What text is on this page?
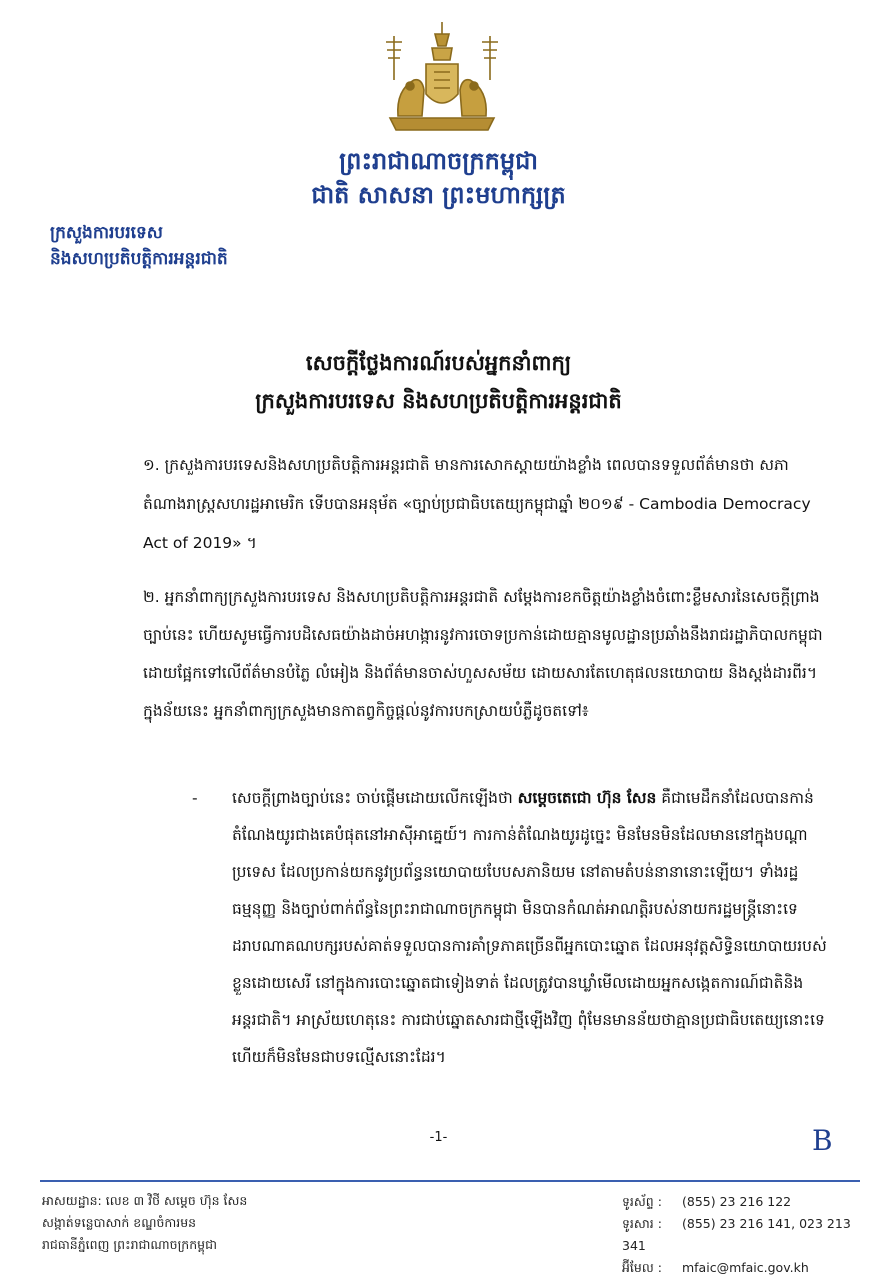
ព្រះរាជាណាចក្រកម្ពុជា
ជាតិ សាសនា ព្រះមហាក្សត្រ
ក្រសួងការបរទេស
និងសហប្រតិបត្តិការអន្តរជាតិ
សេចក្តីថ្លែងការណ៍របស់អ្នកនាំពាក្យ
ក្រសួងការបរទេស និងសហប្រតិបត្តិការអន្តរជាតិ
១. ក្រសួងការបរទេសនិងសហប្រតិបត្តិការអន្តរជាតិ មានការសោកស្តាយយ៉ាងខ្លាំង ពេលបានទទួលព័ត៌មានថា សភាតំណាងរាស្ត្រសហរដ្ឋអាមេរិក ទើបបានអនុម័ត «ច្បាប់ប្រជាធិបតេយ្យកម្ពុជាឆ្នាំ ២០១៩ - Cambodia Democracy Act of 2019» ។
២. អ្នកនាំពាក្យក្រសួងការបរទេស និងសហប្រតិបត្តិការអន្តរជាតិ សម្តែងការខកចិត្តយ៉ាងខ្លាំងចំពោះខ្លឹមសារនៃសេចក្តីព្រាងច្បាប់នេះ ហើយសូមធ្វើការបដិសេធយ៉ាងដាច់អហង្ការនូវការចោទប្រកាន់ដោយគ្មានមូលដ្ឋានប្រឆាំងនឹងរាជរដ្ឋាភិបាលកម្ពុជា ដោយផ្អែកទៅលើព័ត៌មានបំភ្លៃ លំអៀង និងព័ត៌មានចាស់ហួសសម័យ ដោយសារតែហេតុផលនយោបាយ និងស្តង់ដារពីរ។ ក្នុងន័យនេះ អ្នកនាំពាក្យក្រសួងមានកាតព្វកិច្ចផ្តល់នូវការបកស្រាយបំភ្លឺដូចតទៅ៖
- សេចក្តីព្រាងច្បាប់នេះ ចាប់ផ្តើមដោយលើកឡើងថា សម្តេចតេជោ ហ៊ុន សែន គឺជាមេដឹកនាំដែលបានកាន់តំណែងយូរជាងគេបំផុតនៅអាស៊ីអាគ្នេយ៍។ ការកាន់តំណែងយូរដូច្នេះ មិនមែនមិនដែលមាននៅក្នុងបណ្តាប្រទេស ដែលប្រកាន់យកនូវប្រព័ន្ធនយោបាយបែបសភានិយម នៅតាមតំបន់នានានោះឡើយ។ ទាំងរដ្ឋធម្មនុញ្ញ និងច្បាប់ពាក់ព័ន្ធនៃព្រះរាជាណាចក្រកម្ពុជា មិនបានកំណត់អាណត្តិរបស់នាយករដ្ឋមន្ត្រីនោះទេ ដរាបណាគណបក្សរបស់គាត់ទទួលបានការគាំទ្រភាគច្រើនពីអ្នកបោះឆ្នោត ដែលអនុវត្តសិទ្ធិនយោបាយរបស់ខ្លួនដោយសេរី នៅក្នុងការបោះឆ្នោតជាទៀងទាត់ ដែលត្រូវបានឃ្លាំមើលដោយអ្នកសង្កេតការណ៍ជាតិនិងអន្តរជាតិ។ អាស្រ័យហេតុនេះ ការជាប់ឆ្នោតសារជាថ្មីឡើងវិញ ពុំមែនមានន័យថាគ្មានប្រជាធិបតេយ្យនោះទេ ហើយក៏មិនមែនជាបទល្មើសនោះដែរ។
-1-	B
អាសយដ្ឋាន: លេខ ៣ វិថី សម្តេច ហ៊ុន សែន
សង្កាត់ទន្លេបាសាក់ ខណ្ឌចំការមន
រាជធានីភ្នំពេញ ព្រះរាជាណាចក្រកម្ពុជា
ទូរស័ព្ទ : (855) 23 216 122
ទូរសារ : (855) 23 216 141, 023 213 341
អ៊ីមែល : mfaic@mfaic.gov.kh
